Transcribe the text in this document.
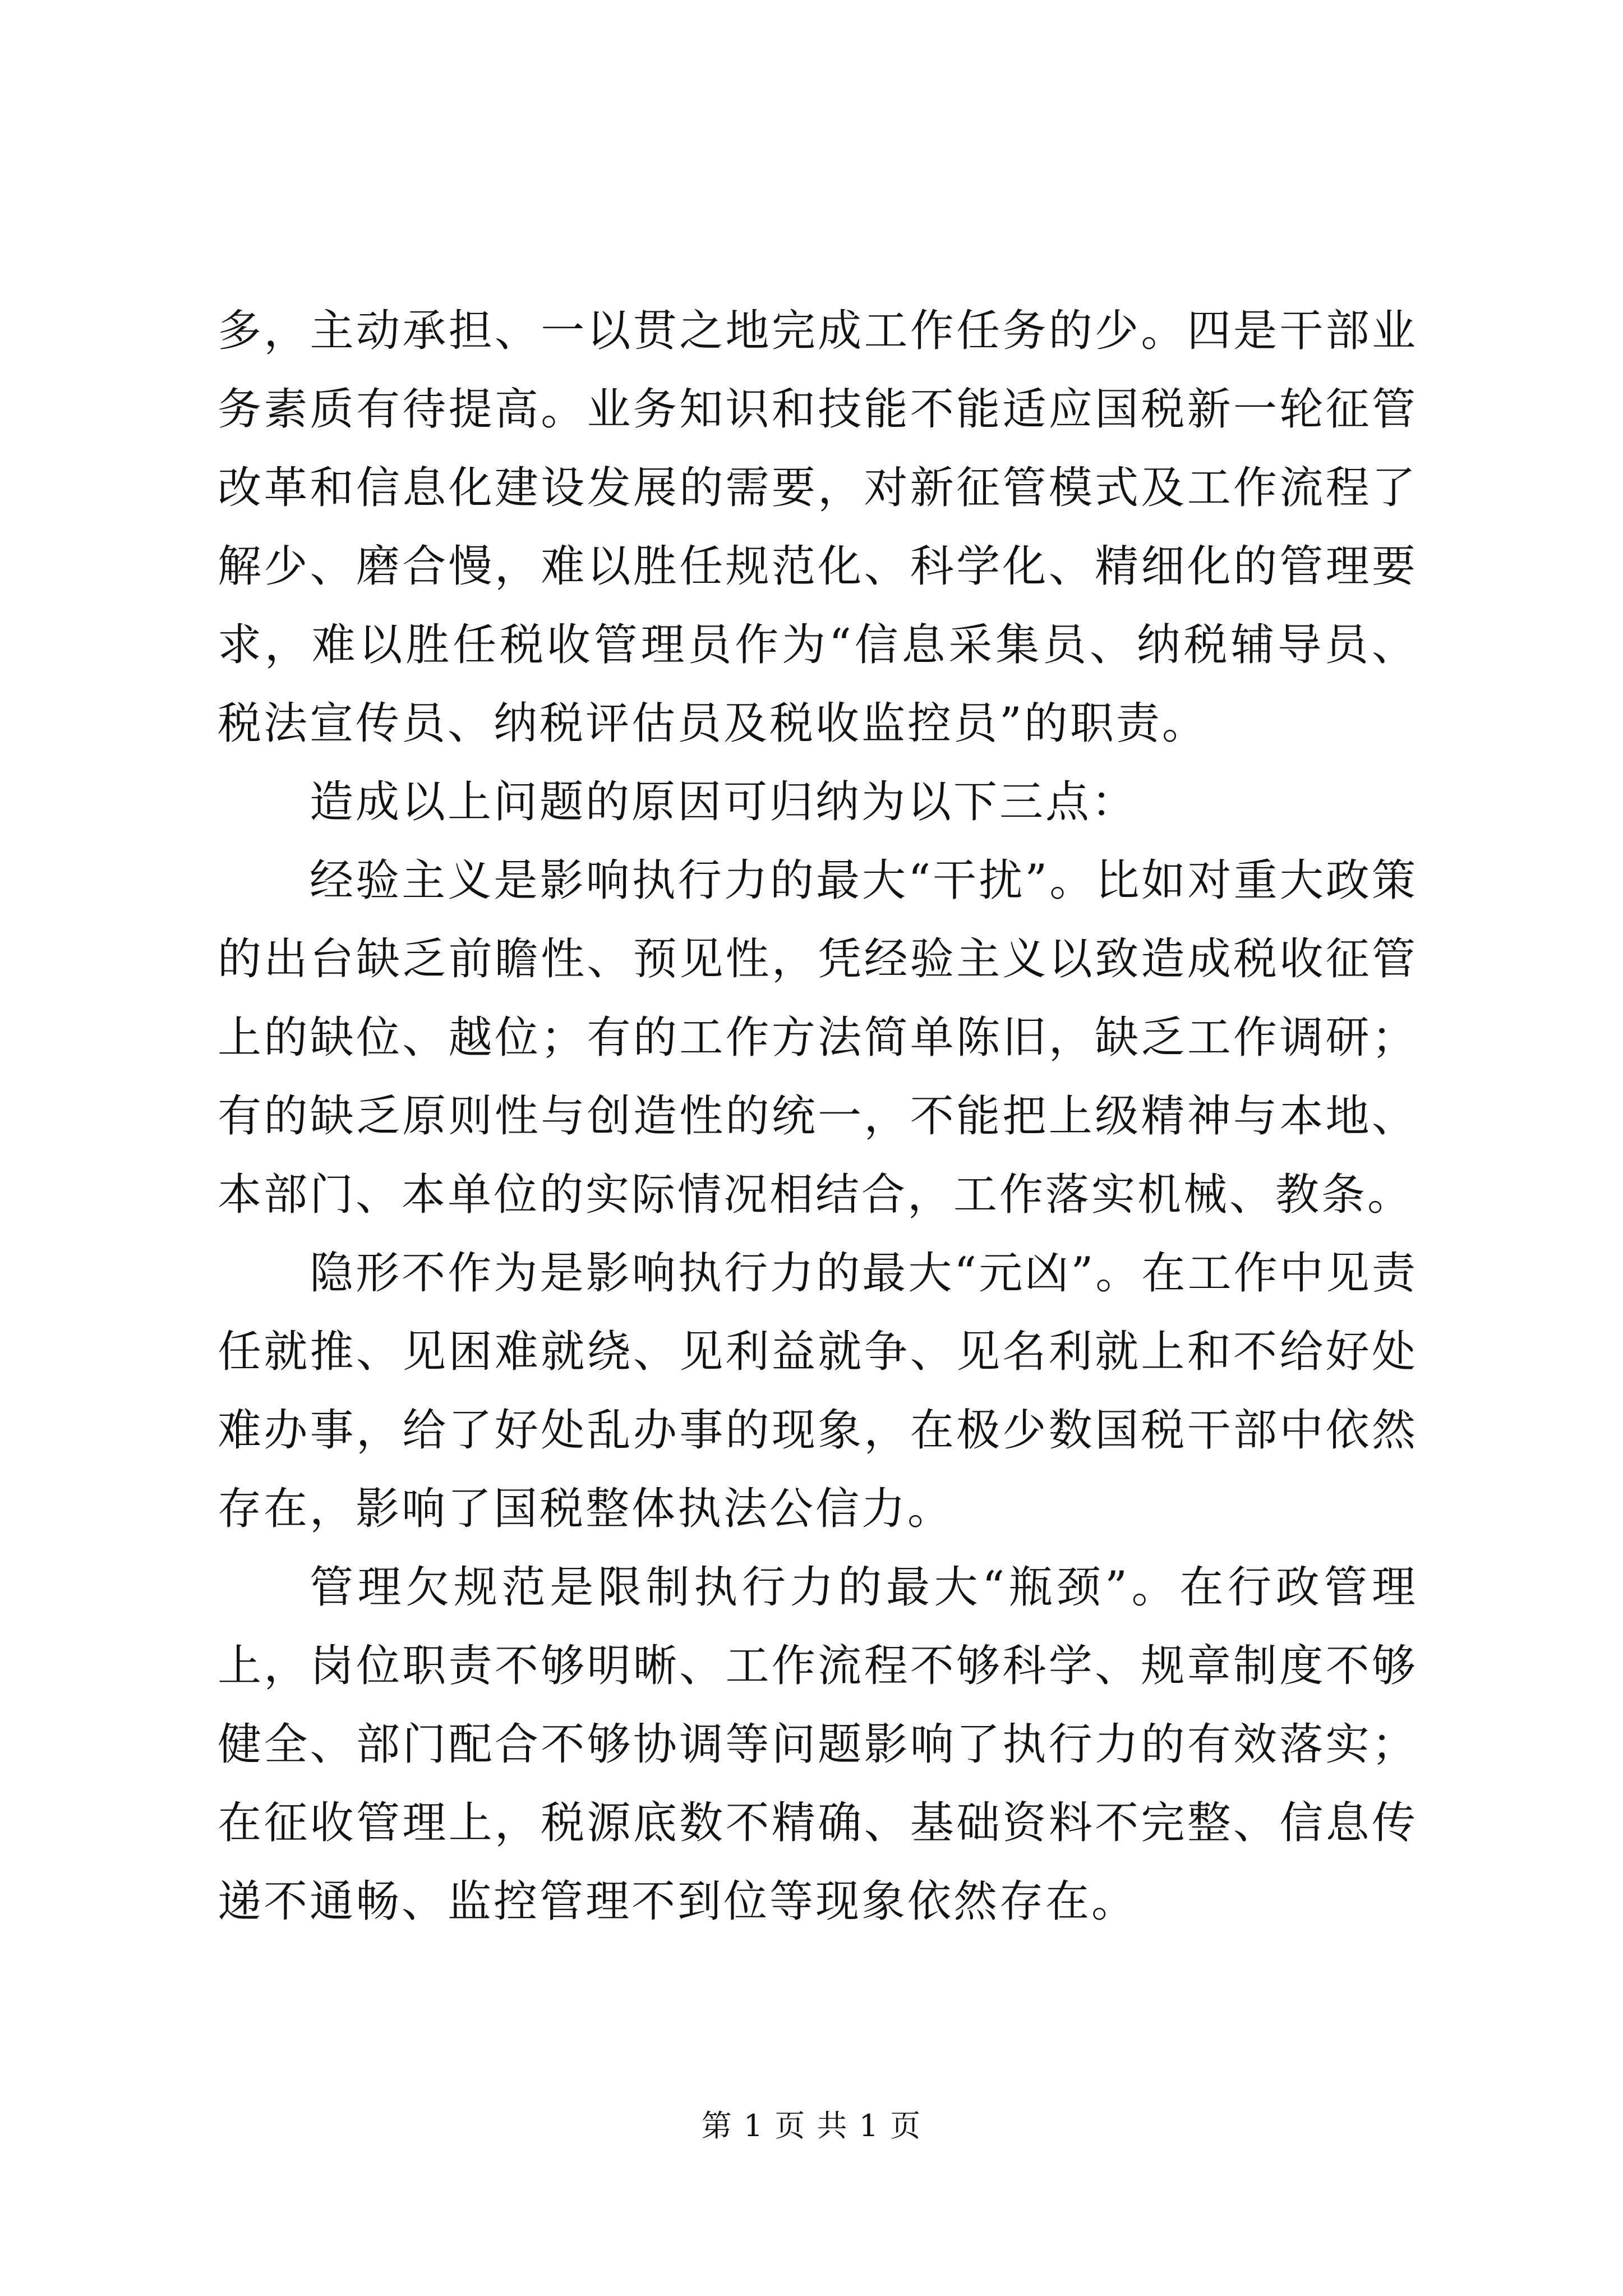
多，主动承担、一以贯之地完成工作任务的少。四是干部业务素质有待提高。业务知识和技能不能适应国税新一轮征管改革和信息化建设发展的需要，对新征管模式及工作流程了解少、磨合慢，难以胜任规范化、科学化、精细化的管理要求，难以胜任税收管理员作为“信息采集员、纳税辅导员、税法宣传员、纳税评估员及税收监控员”的职责。

造成以上问题的原因可归纳为以下三点：

经验主义是影响执行力的最大“干扰”。比如对重大政策的出台缺乏前瞻性、预见性，凭经验主义以致造成税收征管上的缺位、越位；有的工作方法简单陈旧，缺乏工作调研；有的缺乏原则性与创造性的统一，不能把上级精神与本地、本部门、本单位的实际情况相结合，工作落实机械、教条。

隐形不作为是影响执行力的最大“元凶”。在工作中见责任就推、见困难就绕、见利益就争、见名利就上和不给好处难办事，给了好处乱办事的现象，在极少数国税干部中依然存在，影响了国税整体执法公信力。

管理欠规范是限制执行力的最大“瓶颈”。在行政管理上，岗位职责不够明晰、工作流程不够科学、规章制度不够健全、部门配合不够协调等问题影响了执行力的有效落实；在征收管理上，税源底数不精确、基础资料不完整、信息传递不通畅、监控管理不到位等现象依然存在。

第 1 页 共 1 页
